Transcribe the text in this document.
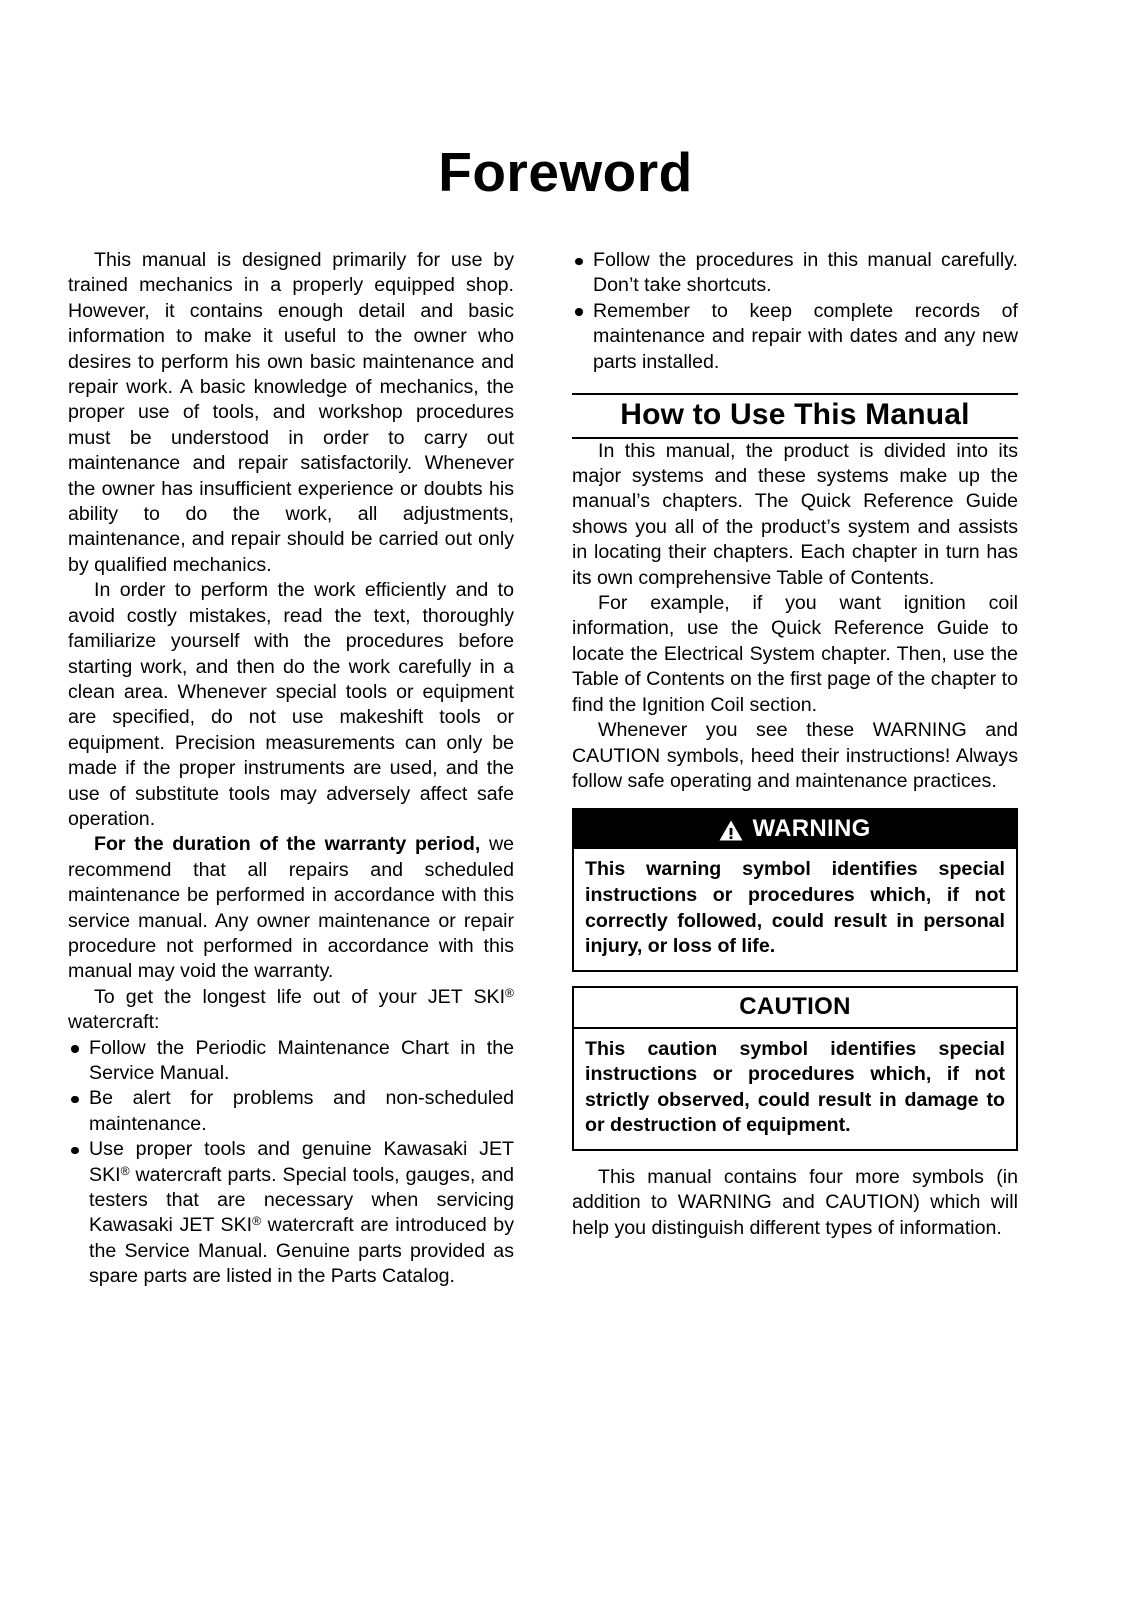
Foreword

This manual is designed primarily for use by trained mechanics in a properly equipped shop. However, it contains enough detail and basic information to make it useful to the owner who desires to perform his own basic maintenance and repair work. A basic knowledge of mechanics, the proper use of tools, and workshop procedures must be understood in order to carry out maintenance and repair satisfactorily. Whenever the owner has insufficient experience or doubts his ability to do the work, all adjustments, maintenance, and repair should be carried out only by qualified mechanics.

In order to perform the work efficiently and to avoid costly mistakes, read the text, thoroughly familiarize yourself with the procedures before starting work, and then do the work carefully in a clean area. Whenever special tools or equipment are specified, do not use makeshift tools or equipment. Precision measurements can only be made if the proper instruments are used, and the use of substitute tools may adversely affect safe operation.

For the duration of the warranty period, we recommend that all repairs and scheduled maintenance be performed in accordance with this service manual. Any owner maintenance or repair procedure not performed in accordance with this manual may void the warranty.

To get the longest life out of your JET SKI® watercraft:

Follow the Periodic Maintenance Chart in the Service Manual.
Be alert for problems and non-scheduled maintenance.
Use proper tools and genuine Kawasaki JET SKI® watercraft parts. Special tools, gauges, and testers that are necessary when servicing Kawasaki JET SKI® watercraft are introduced by the Service Manual. Genuine parts provided as spare parts are listed in the Parts Catalog.
Follow the procedures in this manual carefully. Don’t take shortcuts.
Remember to keep complete records of maintenance and repair with dates and any new parts installed.
How to Use This Manual

In this manual, the product is divided into its major systems and these systems make up the manual’s chapters. The Quick Reference Guide shows you all of the product’s system and assists in locating their chapters. Each chapter in turn has its own comprehensive Table of Contents.

For example, if you want ignition coil information, use the Quick Reference Guide to locate the Electrical System chapter. Then, use the Table of Contents on the first page of the chapter to find the Ignition Coil section.

Whenever you see these WARNING and CAUTION symbols, heed their instructions! Always follow safe operating and maintenance practices.

WARNING

This warning symbol identifies special instructions or procedures which, if not correctly followed, could result in personal injury, or loss of life.

CAUTION

This caution symbol identifies special instructions or procedures which, if not strictly observed, could result in damage to or destruction of equipment.

This manual contains four more symbols (in addition to WARNING and CAUTION) which will help you distinguish different types of information.
